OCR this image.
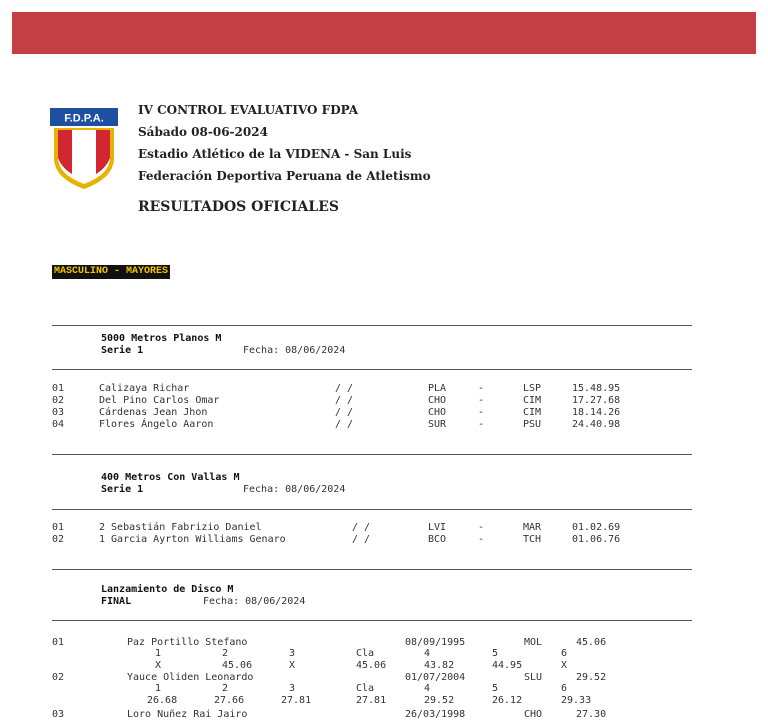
F.D.P.A.
IV CONTROL EVALUATIVO FDPA
Sábado 08-06-2024
Estadio Atlético de la VIDENA - San Luis
Federación Deportiva Peruana de Atletismo
RESULTADOS OFICIALES
MASCULINO - MAYORES
5000 Metros Planos M
Serie 1	Fecha: 08/06/2024
01	Calizaya Richar	/ /	PLA	-	LSP	15.48.95
02	Del Pino Carlos Omar	/ /	CHO	-	CIM	17.27.68
03	Cárdenas Jean Jhon	/ /	CHO	-	CIM	18.14.26
04	Flores Ángelo Aaron	/ /	SUR	-	PSU	24.40.98
400 Metros Con Vallas M
Serie 1	Fecha: 08/06/2024
01	2 Sebastián Fabrizio Daniel	/ /	LVI	-	MAR	01.02.69
02	1 Garcia Ayrton Williams Genaro	/ /	BCO	-	TCH	01.06.76
Lanzamiento de Disco M
FINAL	Fecha: 08/06/2024
01	Paz Portillo Stefano	08/09/1995	MOL	45.06
1	2	3	Cla	4	5	6
X	45.06	X	45.06	43.82	44.95	X
02	Yauce Oliden Leonardo	01/07/2004	SLU	29.52
1	2	3	Cla	4	5	6
26.68	27.66	27.81	27.81	29.52	26.12	29.33
03	Loro Nuñez Rai Jairo	26/03/1998	CHO	27.30
